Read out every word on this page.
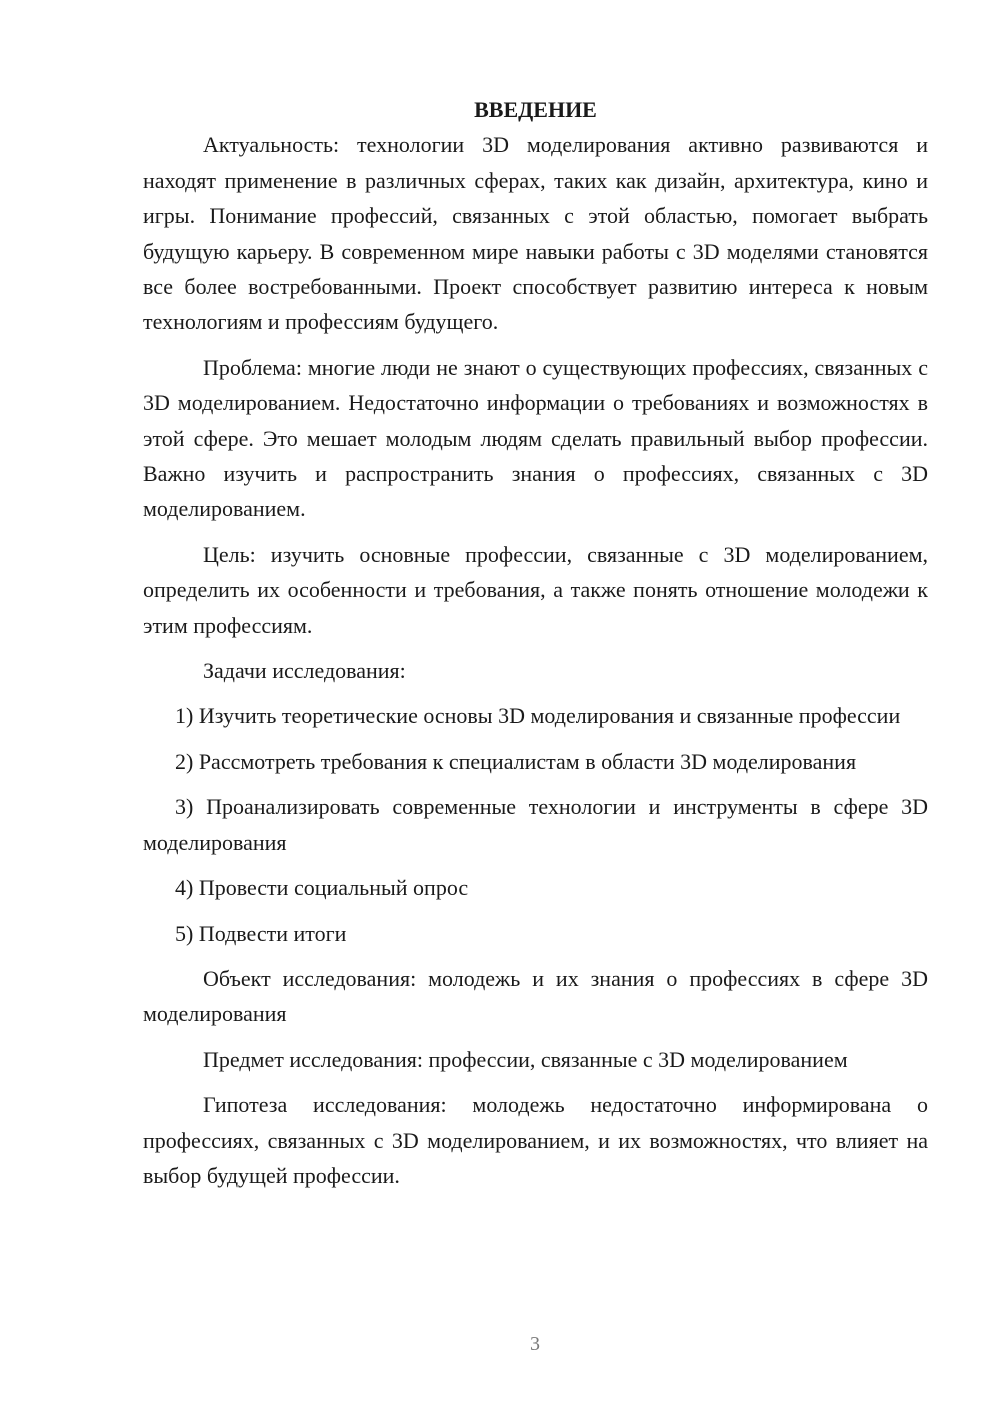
ВВЕДЕНИЕ

Актуальность: технологии 3D моделирования активно развиваются и находят применение в различных сферах, таких как дизайн, архитектура, кино и игры. Понимание профессий, связанных с этой областью, помогает выбрать будущую карьеру. В современном мире навыки работы с 3D моделями становятся все более востребованными. Проект способствует развитию интереса к новым технологиям и профессиям будущего.

Проблема: многие люди не знают о существующих профессиях, связанных с 3D моделированием. Недостаточно информации о требованиях и возможностях в этой сфере. Это мешает молодым людям сделать правильный выбор профессии. Важно изучить и распространить знания о профессиях, связанных с 3D моделированием.

Цель: изучить основные профессии, связанные с 3D моделированием, определить их особенности и требования, а также понять отношение молодежи к этим профессиям.

Задачи исследования:

1) Изучить теоретические основы 3D моделирования и связанные профессии

2) Рассмотреть требования к специалистам в области 3D моделирования

3) Проанализировать современные технологии и инструменты в сфере 3D моделирования

4) Провести социальный опрос

5) Подвести итоги

Объект исследования: молодежь и их знания о профессиях в сфере 3D моделирования

Предмет исследования: профессии, связанные с 3D моделированием

Гипотеза исследования: молодежь недостаточно информирована о профессиях, связанных с 3D моделированием, и их возможностях, что влияет на выбор будущей профессии.

3
